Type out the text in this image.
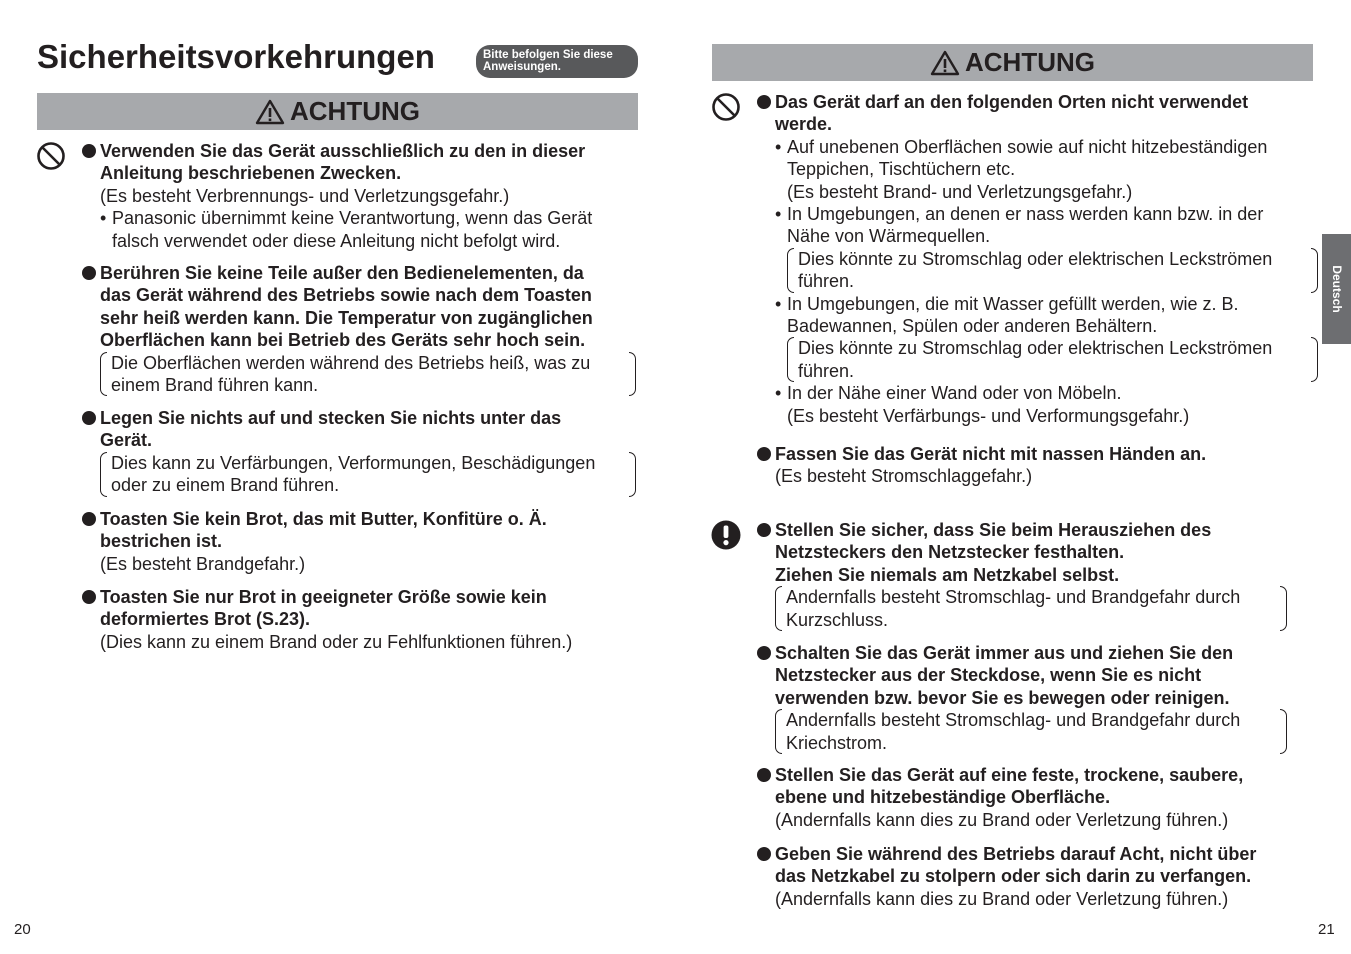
Sicherheitsvorkehrungen	Bitte befolgen Sie diese
Anweisungen.
ACHTUNG
Verwenden Sie das Gerät ausschließlich zu den in dieser
Anleitung beschriebenen Zwecken.
(Es besteht Verbrennungs- und Verletzungsgefahr.)
• Panasonic übernimmt keine Verantwortung, wenn das Gerät
falsch verwendet oder diese Anleitung nicht befolgt wird.
Berühren Sie keine Teile außer den Bedienelementen, da
das Gerät während des Betriebs sowie nach dem Toasten
sehr heiß werden kann. Die Temperatur von zugänglichen
Oberflächen kann bei Betrieb des Geräts sehr hoch sein.
Die Oberflächen werden während des Betriebs heiß, was zu
einem Brand führen kann.
Legen Sie nichts auf und stecken Sie nichts unter das
Gerät.
Dies kann zu Verfärbungen, Verformungen, Beschädigungen
oder zu einem Brand führen.
Toasten Sie kein Brot, das mit Butter, Konfitüre o. Ä.
bestrichen ist.
(Es besteht Brandgefahr.)
Toasten Sie nur Brot in geeigneter Größe sowie kein
deformiertes Brot (S.23).
(Dies kann zu einem Brand oder zu Fehlfunktionen führen.)
20
ACHTUNG
Das Gerät darf an den folgenden Orten nicht verwendet
werde.
• Auf unebenen Oberflächen sowie auf nicht hitzebeständigen
Teppichen, Tischtüchern etc.
(Es besteht Brand- und Verletzungsgefahr.)
• In Umgebungen, an denen er nass werden kann bzw. in der
Nähe von Wärmequellen.
Dies könnte zu Stromschlag oder elektrischen Leckströmen
führen.
• In Umgebungen, die mit Wasser gefüllt werden, wie z. B.
Badewannen, Spülen oder anderen Behältern.
Dies könnte zu Stromschlag oder elektrischen Leckströmen
führen.
• In der Nähe einer Wand oder von Möbeln.
(Es besteht Verfärbungs- und Verformungsgefahr.)
Fassen Sie das Gerät nicht mit nassen Händen an.
(Es besteht Stromschlaggefahr.)
Stellen Sie sicher, dass Sie beim Herausziehen des
Netzsteckers den Netzstecker festhalten.
Ziehen Sie niemals am Netzkabel selbst.
Andernfalls besteht Stromschlag- und Brandgefahr durch
Kurzschluss.
Schalten Sie das Gerät immer aus und ziehen Sie den
Netzstecker aus der Steckdose, wenn Sie es nicht
verwenden bzw. bevor Sie es bewegen oder reinigen.
Andernfalls besteht Stromschlag- und Brandgefahr durch
Kriechstrom.
Stellen Sie das Gerät auf eine feste, trockene, saubere,
ebene und hitzebeständige Oberfläche.
(Andernfalls kann dies zu Brand oder Verletzung führen.)
Geben Sie während des Betriebs darauf Acht, nicht über
das Netzkabel zu stolpern oder sich darin zu verfangen.
(Andernfalls kann dies zu Brand oder Verletzung führen.)
21
Deutsch
